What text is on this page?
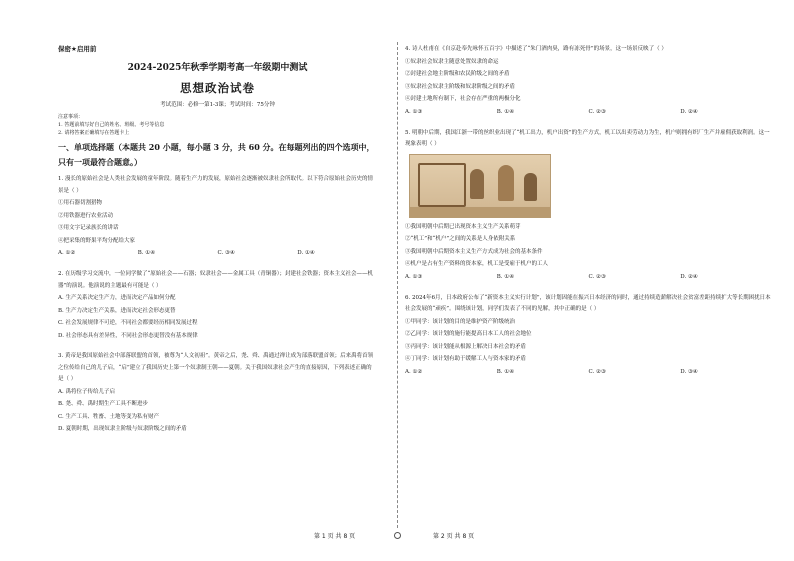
保密★启用前
2024-2025年秋季学期考高一年级期中测试
思想政治试卷
考试范围：必修一第1-3课；考试时间：75分钟
注意事项：
1. 答题前填写好自己的姓名、班级、考号等信息
2. 请将答案正确填写在答题卡上
一、单项选择题（本题共 20 小题，每小题 3 分，共 60 分。在每题列出的四个选项中，只有一项最符合题意。）
1. 漫长的原始社会是人类社会发展的童年阶段。随着生产力的发展，原始社会逐渐被奴隶社会所取代。以下符合原始社会历史的情景是（ ）
①用石器切割猎物
②用铁器进行农业活动
③用文字记录族长的讲话
④把采集的野果平均分配给大家
A. ①②	B. ①④	C. ③④	D. ①④
2. 在历级学习交流中，一位同学做了“原始社会——石器；奴隶社会——金属工具（青铜器）；封建社会铁器；资本主义社会——机器”的演说。他演说的主题最有可能是（ ）
A. 生产关系决定生产力，进而决定产品如何分配
B. 生产力决定生产关系，进而决定社会形态更替
C. 社会发展规律不可逆，不同社会都要经历相同发展过程
D. 社会形态具有差异性，不同社会形态更替没有基本规律
3. 黄帝是我国原始社会中部落联盟的首领，被尊为“人文初祖”。黄帝之后，尧、舜、禹通过禅让成为部落联盟首领；后来禹将首领之位传给自己的儿子启，“启”建立了我国历史上第一个奴隶制王朝——夏朝。关于我国奴隶社会产生的直接原因，下列表述正确的是（ ）
A. 禹将位子传给儿子启
B. 尧、舜、禹时期生产工具不断进步
C. 生产工具、牲畜、土地等变为私有财产
D. 夏朝时期，出现奴隶主阶级与奴隶阶级之间的矛盾
4. 诗人杜甫在《自京赴奉先咏怀五百字》中描述了“朱门酒肉臭，路有冻死骨”的场景，这一场景反映了（ ）
①奴隶社会奴隶主随意处置奴隶的命运
②封建社会地主阶级和农民阶级之间的矛盾
③奴隶社会奴隶主阶级和奴隶阶级之间的矛盾
④封建土地所有制下，社会存在严重的两极分化
A. ①③	B. ①④	C. ②③	D. ②④
5. 明朝中后期，我国江浙一带的丝织业出现了“机工出力，机户出资”的生产方式，机工以出卖劳动力为生，机户则拥有织厂生产并雇佣获取利润。这一现象表明（ ）
①我国明朝中后期已出现资本主义生产关系萌芽
②“机工”和“机户”之间的关系是人身依附关系
③我国明朝中后期资本主义生产方式成为社会的基本条件
④机户是占有生产资料的资本家，机工是受雇于机户的工人
A. ①③	B. ①④	C. ②③	D. ②④
6. 2024年6月，日本政府公布了“新资本主义实行计划”，该计划因能在振兴日本经济的同时，通过持续造薪解决社会贫富差距持续扩大等长期困扰日本社会发展的“顽疾”。围绕该计划，同学们发表了不同的见解，其中正确的是（ ）
①甲同学：该计划的目的是维护资产阶级统治
②乙同学：该计划的施行能提高日本工人的社会地位
③丙同学：该计划能从根源上解决日本社会的矛盾
④丁同学：该计划有助于缓解工人与资本家的矛盾
A. ①②	B. ①④	C. ②③	D. ③④
第 1 页 共 8 页	第 2 页 共 8 页
